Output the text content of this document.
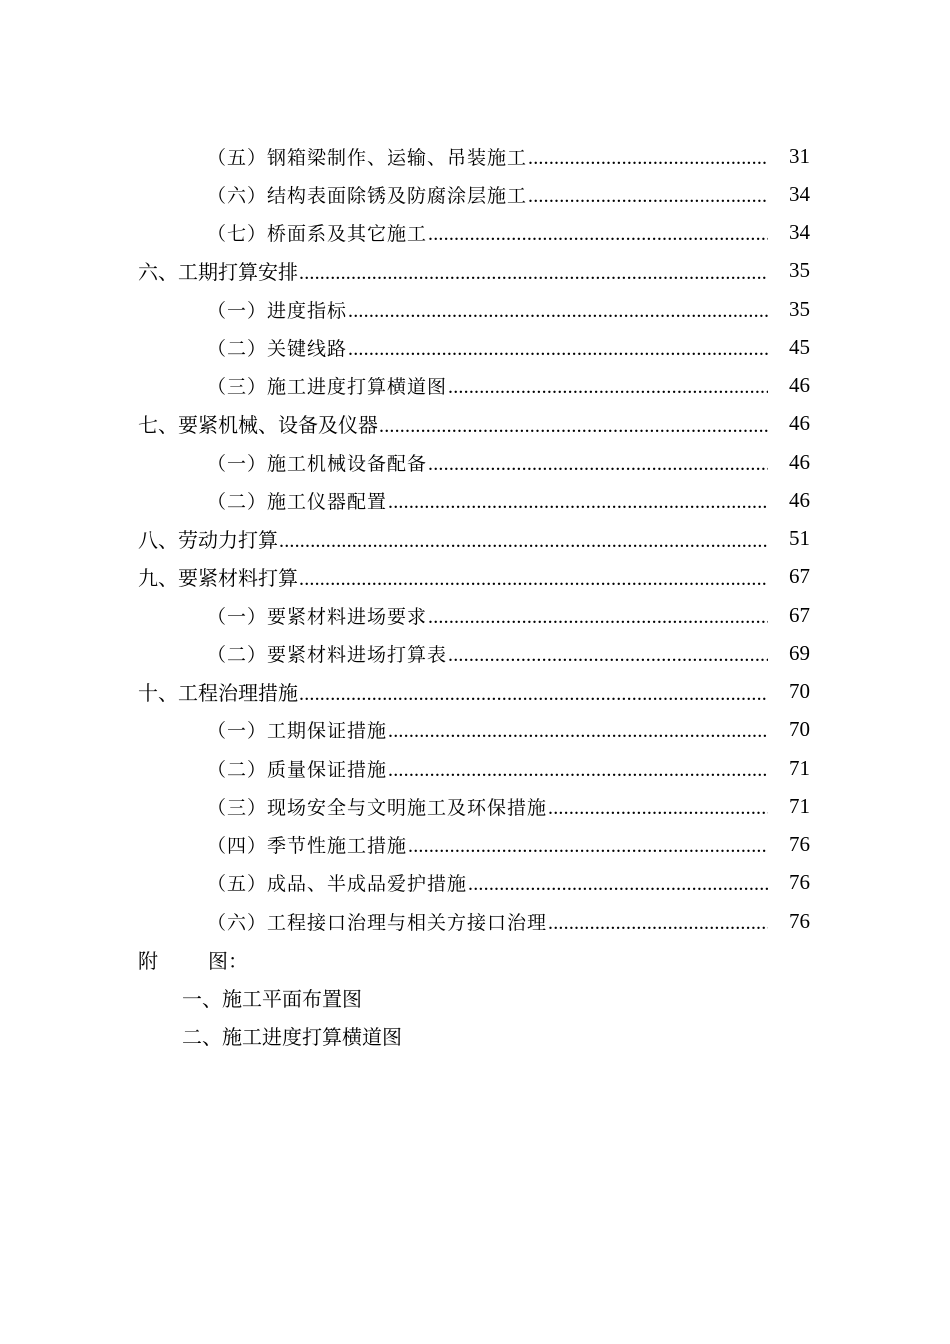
（五）钢箱梁制作、运输、吊装施工 .....	31
（六）结构表面除锈及防腐涂层施工 .....	34
（七）桥面系及其它施工 .....	34
六、工期打算安排 .....	35
（一）进度指标 .....	35
（二）关键线路 .....	45
（三）施工进度打算横道图 .....	46
七、要紧机械、设备及仪器 .....	46
（一）施工机械设备配备 .....	46
（二）施工仪器配置 .....	46
八、劳动力打算 .....	51
九、要紧材料打算 .....	67
（一）要紧材料进场要求 .....	67
（二）要紧材料进场打算表 .....	69
十、工程治理措施 .....	70
（一）工期保证措施 .....	70
（二）质量保证措施 .....	71
（三）现场安全与文明施工及环保措施 .....	71
（四）季节性施工措施 .....	76
（五）成品、半成品爱护措施 .....	76
（六）工程接口治理与相关方接口治理 .....	76
附	图：
一、施工平面布置图
二、施工进度打算横道图
